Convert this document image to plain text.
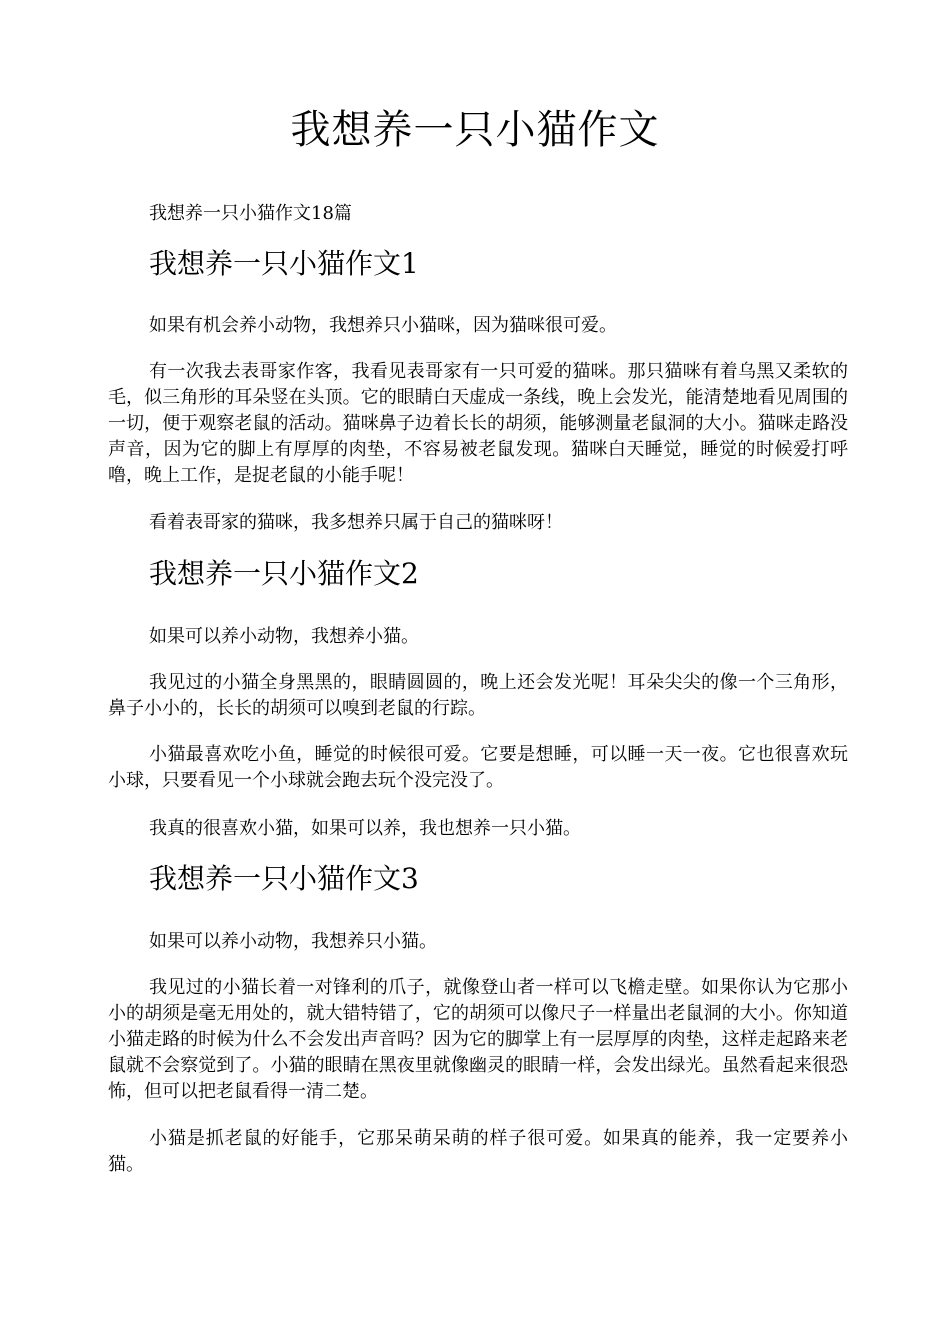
我想养一只小猫作文

我想养一只小猫作文18篇

我想养一只小猫作文1

如果有机会养小动物，我想养只小猫咪，因为猫咪很可爱。

有一次我去表哥家作客，我看见表哥家有一只可爱的猫咪。那只猫咪有着乌黑又柔软的毛，似三角形的耳朵竖在头顶。它的眼睛白天虚成一条线，晚上会发光，能清楚地看见周围的一切，便于观察老鼠的活动。猫咪鼻子边着长长的胡须，能够测量老鼠洞的大小。猫咪走路没声音，因为它的脚上有厚厚的肉垫，不容易被老鼠发现。猫咪白天睡觉，睡觉的时候爱打呼噜，晚上工作，是捉老鼠的小能手呢！

看着表哥家的猫咪，我多想养只属于自己的猫咪呀！

我想养一只小猫作文2

如果可以养小动物，我想养小猫。

我见过的小猫全身黑黑的，眼睛圆圆的，晚上还会发光呢！耳朵尖尖的像一个三角形，鼻子小小的，长长的胡须可以嗅到老鼠的行踪。

小猫最喜欢吃小鱼，睡觉的时候很可爱。它要是想睡，可以睡一天一夜。它也很喜欢玩小球，只要看见一个小球就会跑去玩个没完没了。

我真的很喜欢小猫，如果可以养，我也想养一只小猫。

我想养一只小猫作文3

如果可以养小动物，我想养只小猫。

我见过的小猫长着一对锋利的爪子，就像登山者一样可以飞檐走壁。如果你认为它那小小的胡须是毫无用处的，就大错特错了，它的胡须可以像尺子一样量出老鼠洞的大小。你知道小猫走路的时候为什么不会发出声音吗？因为它的脚掌上有一层厚厚的肉垫，这样走起路来老鼠就不会察觉到了。小猫的眼睛在黑夜里就像幽灵的眼睛一样，会发出绿光。虽然看起来很恐怖，但可以把老鼠看得一清二楚。

小猫是抓老鼠的好能手，它那呆萌呆萌的样子很可爱。如果真的能养，我一定要养小猫。
